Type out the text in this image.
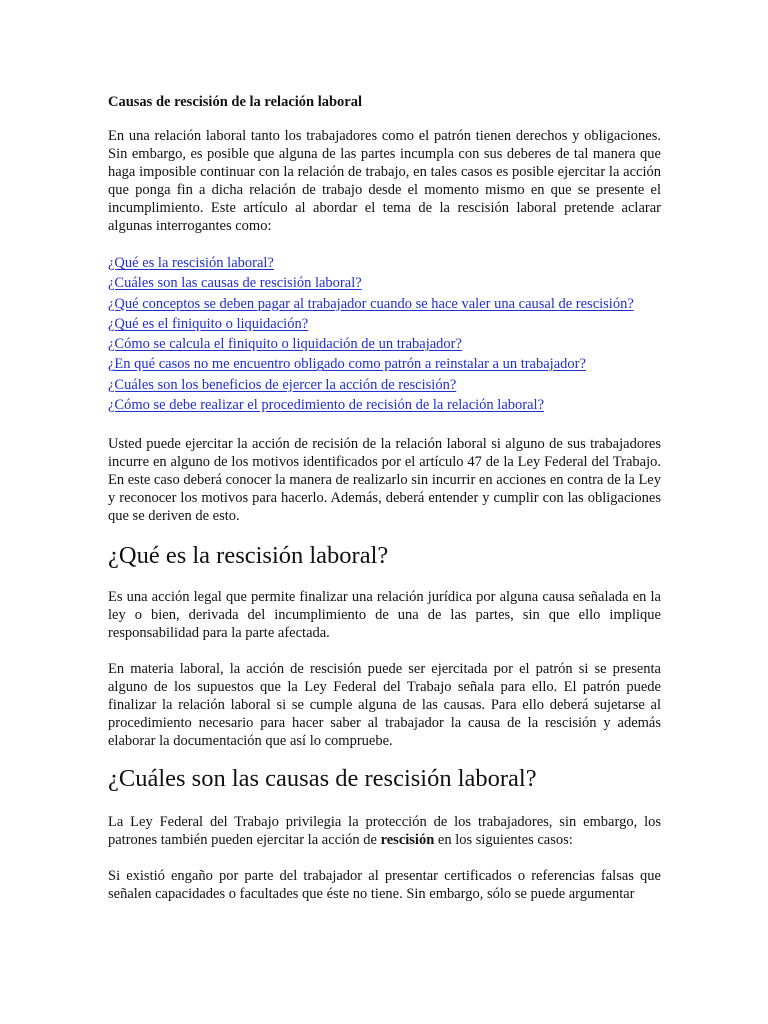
Causas de rescisión de la relación laboral

En una relación laboral tanto los trabajadores como el patrón tienen derechos y obligaciones. Sin embargo, es posible que alguna de las partes incumpla con sus deberes de tal manera que haga imposible continuar con la relación de trabajo, en tales casos es posible ejercitar la acción que ponga fin a dicha relación de trabajo desde el momento mismo en que se presente el incumplimiento. Este artículo al abordar el tema de la rescisión laboral pretende aclarar algunas interrogantes como:

¿Qué es la rescisión laboral?
¿Cuáles son las causas de rescisión laboral?
¿Qué conceptos se deben pagar al trabajador cuando se hace valer una causal de rescisión?
¿Qué es el finiquito o liquidación?
¿Cómo se calcula el finiquito o liquidación de un trabajador?
¿En qué casos no me encuentro obligado como patrón a reinstalar a un trabajador?
¿Cuáles son los beneficios de ejercer la acción de rescisión?
¿Cómo se debe realizar el procedimiento de recisión de la relación laboral?

Usted puede ejercitar la acción de recisión de la relación laboral si alguno de sus trabajadores incurre en alguno de los motivos identificados por el artículo 47 de la Ley Federal del Trabajo. En este caso deberá conocer la manera de realizarlo sin incurrir en acciones en contra de la Ley y reconocer los motivos para hacerlo. Además, deberá entender y cumplir con las obligaciones que se deriven de esto.

¿Qué es la rescisión laboral?

Es una acción legal que permite finalizar una relación jurídica por alguna causa señalada en la ley o bien, derivada del incumplimiento de una de las partes, sin que ello implique responsabilidad para la parte afectada.

En materia laboral, la acción de rescisión puede ser ejercitada por el patrón si se presenta alguno de los supuestos que la Ley Federal del Trabajo señala para ello. El patrón puede finalizar la relación laboral si se cumple alguna de las causas. Para ello deberá sujetarse al procedimiento necesario para hacer saber al trabajador la causa de la rescisión y además elaborar la documentación que así lo compruebe.

¿Cuáles son las causas de rescisión laboral?

La Ley Federal del Trabajo privilegia la protección de los trabajadores, sin embargo, los patrones también pueden ejercitar la acción de rescisión en los siguientes casos:

Si existió engaño por parte del trabajador al presentar certificados o referencias falsas que señalen capacidades o facultades que éste no tiene. Sin embargo, sólo se puede argumentar
